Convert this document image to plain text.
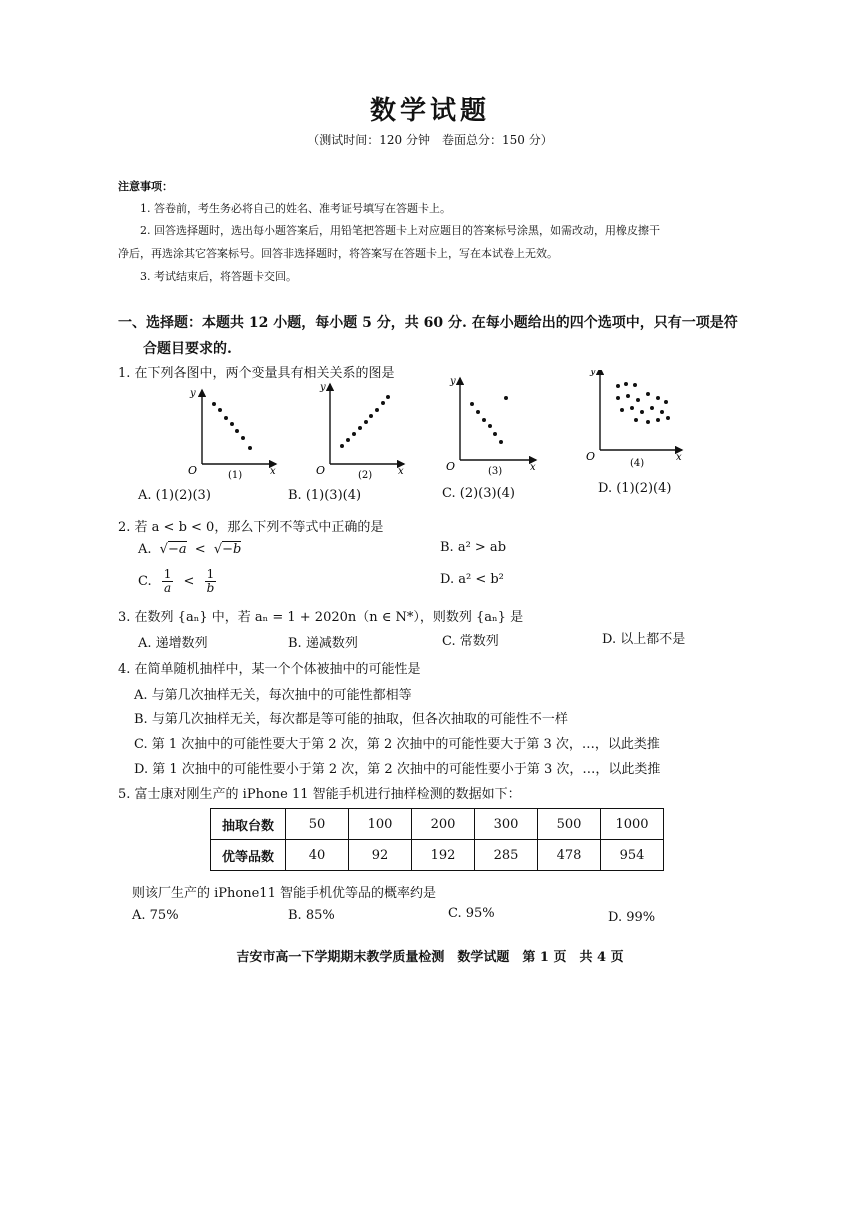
数学试题
（测试时间：120 分钟　卷面总分：150 分）
注意事项：
1. 答卷前，考生务必将自己的姓名、准考证号填写在答题卡上。
2. 回答选择题时，选出每小题答案后，用铅笔把答题卡上对应题目的答案标号涂黑，如需改动，用橡皮擦干
净后，再选涂其它答案标号。回答非选择题时，将答案写在答题卡上，写在本试卷上无效。
3. 考试结束后，将答题卡交回。
一、选择题：本题共 12 小题，每小题 5 分，共 60 分. 在每小题给出的四个选项中，只有一项是符
合题目要求的.
1. 在下列各图中，两个变量具有相关关系的图是
y
x
O	(1)
y
x
O	(2)
y
x
O	(3)
y
x
O
(4)
A. (1)(2)(3)	B. (1)(3)(4)	C. (2)(3)(4)	D. (1)(2)(4)
2. 若 a < b < 0，那么下列不等式中正确的是
A. √−a < √−b	B. a² > ab
C. $\frac{1}{a} < \frac{1}{b}$	D. a² < b²
3. 在数列 {aₙ} 中，若 aₙ = 1 + 2020n（n ∈ N*），则数列 {aₙ} 是
A. 递增数列	B. 递减数列	C. 常数列	D. 以上都不是
4. 在简单随机抽样中，某一个个体被抽中的可能性是
A. 与第几次抽样无关，每次抽中的可能性都相等
B. 与第几次抽样无关，每次都是等可能的抽取，但各次抽取的可能性不一样
C. 第 1 次抽中的可能性要大于第 2 次，第 2 次抽中的可能性要大于第 3 次，…，以此类推
D. 第 1 次抽中的可能性要小于第 2 次，第 2 次抽中的可能性要小于第 3 次，…，以此类推
5. 富士康对刚生产的 iPhone 11 智能手机进行抽样检测的数据如下：
抽取台数	50	100	200	300	500	1000
优等品数	40	92	192	285	478	954
则该厂生产的 iPhone11 智能手机优等品的概率约是
A. 75%	B. 85%	C. 95%	D. 99%
吉安市高一下学期期末教学质量检测　数学试题　第 1 页　共 4 页
